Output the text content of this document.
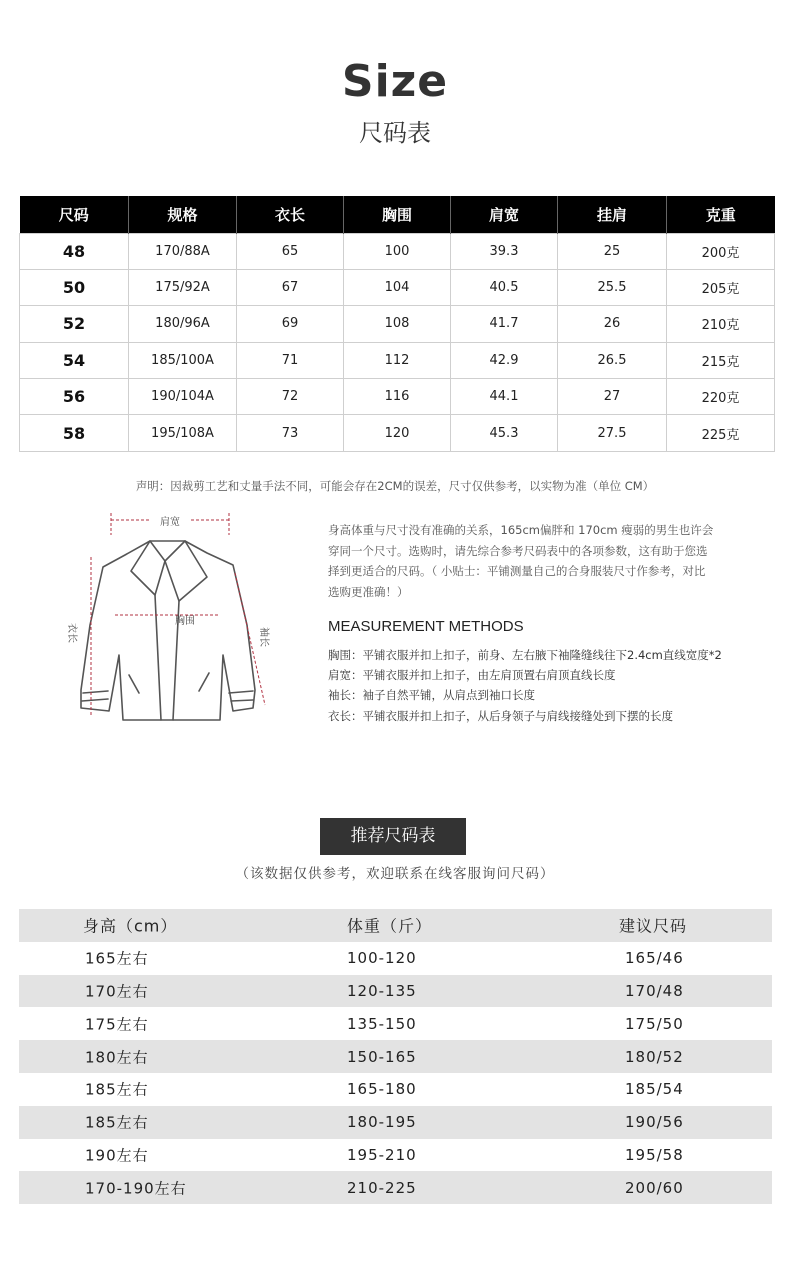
Size
尺码表
尺码	规格	衣长	胸围	肩宽	挂肩	克重
48	170/88A	65	100	39.3	25	200克
50	175/92A	67	104	40.5	25.5	205克
52	180/96A	69	108	41.7	26	210克
54	185/100A	71	112	42.9	26.5	215克
56	190/104A	72	116	44.1	27	220克
58	195/108A	73	120	45.3	27.5	225克
声明：因裁剪工艺和丈量手法不同，可能会存在2CM的误差，尺寸仅供参考，以实物为准（单位 CM）
肩宽
胸围
衣长	袖长
身高体重与尺寸没有准确的关系，165cm偏胖和 170cm 瘦弱的男生也许会
穿同一个尺寸。选购时，请先综合参考尺码表中的各项参数，这有助于您选
择到更适合的尺码。（ 小贴士：平铺测量自己的合身服装尺寸作参考，对比
选购更准确！）
MEASUREMENT METHODS
胸围：平铺衣服并扣上扣子，前身、左右腋下袖隆缝线往下2.4cm直线宽度*2
肩宽：平铺衣服并扣上扣子，由左肩顶置右肩顶直线长度
袖长：袖子自然平铺，从肩点到袖口长度
衣长：平铺衣服并扣上扣子，从后身领子与肩线接缝处到下摆的长度
推荐尺码表
（该数据仅供参考，欢迎联系在线客服询问尺码）
身高（cm）	体重（斤）	建议尺码
165左右	100-120	165/46
170左右	120-135	170/48
175左右	135-150	175/50
180左右	150-165	180/52
185左右	165-180	185/54
185左右	180-195	190/56
190左右	195-210	195/58
170-190左右	210-225	200/60
